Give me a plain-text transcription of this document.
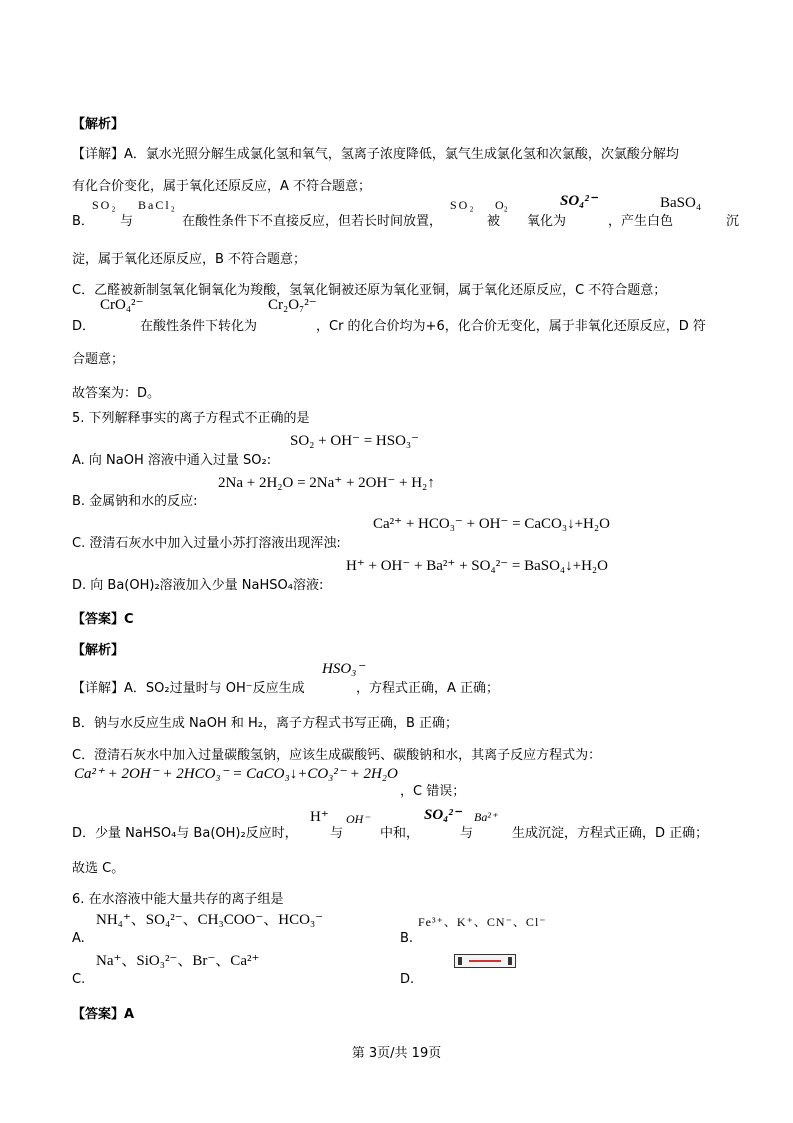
【解析】
【详解】A．氯水光照分解生成氯化氢和氧气，氢离子浓度降低，氯气生成氯化氢和次氯酸，次氯酸分解均
有化合价变化，属于氧化还原反应，A 不符合题意；
SO₂ BaCl₂	SO₂ O₂	SO₄²⁻	BaSO₄
B． 与	在酸性条件下不直接反应，但若长时间放置，	被 氧化为	，产生白色	沉
淀，属于氧化还原反应，B 不符合题意；
C．乙醛被新制氢氧化铜氧化为羧酸，氢氧化铜被还原为氧化亚铜，属于氧化还原反应，C 不符合题意；
CrO₄²⁻	Cr₂O₇²⁻
D．	在酸性条件下转化为	，Cr 的化合价均为+6，化合价无变化，属于非氧化还原反应，D 符
合题意；
故答案为：D。
5. 下列解释事实的离子方程式不正确的是
SO₂ + OH⁻ = HSO₃⁻
A. 向 NaOH 溶液中通入过量 SO₂:
2Na + 2H₂O = 2Na⁺ + 2OH⁻ + H₂↑
B. 金属钠和水的反应:
Ca²⁺ + HCO₃⁻ + OH⁻ = CaCO₃↓+H₂O
C. 澄清石灰水中加入过量小苏打溶液出现浑浊:
H⁺ + OH⁻ + Ba²⁺ + SO₄²⁻ = BaSO₄↓+H₂O
D. 向 Ba(OH)₂溶液加入少量 NaHSO₄溶液:
【答案】C
【解析】
HSO₃⁻
【详解】A．SO₂过量时与 OH⁻反应生成	，方程式正确，A 正确；
B．钠与水反应生成 NaOH 和 H₂，离子方程式书写正确，B 正确；
C．澄清石灰水中加入过量碳酸氢钠，应该生成碳酸钙、碳酸钠和水，其离子反应方程式为：
Ca²⁺ + 2OH⁻ + 2HCO₃⁻ = CaCO₃↓+CO₃²⁻ + 2H₂O
，C 错误；
H⁺ OH⁻	SO₄²⁻ Ba²⁺
D．少量 NaHSO₄与 Ba(OH)₂反应时， 与	中和，	与	生成沉淀，方程式正确，D 正确；
故选 C。
6. 在水溶液中能大量共存的离子组是
NH₄⁺、SO₄²⁻、CH₃COO⁻、HCO₃⁻	Fe³⁺、K⁺、CN⁻、Cl⁻
A.	B.
Na⁺、SiO₃²⁻、Br⁻、Ca²⁺
C.	D.
【答案】A
第 3页/共 19页
